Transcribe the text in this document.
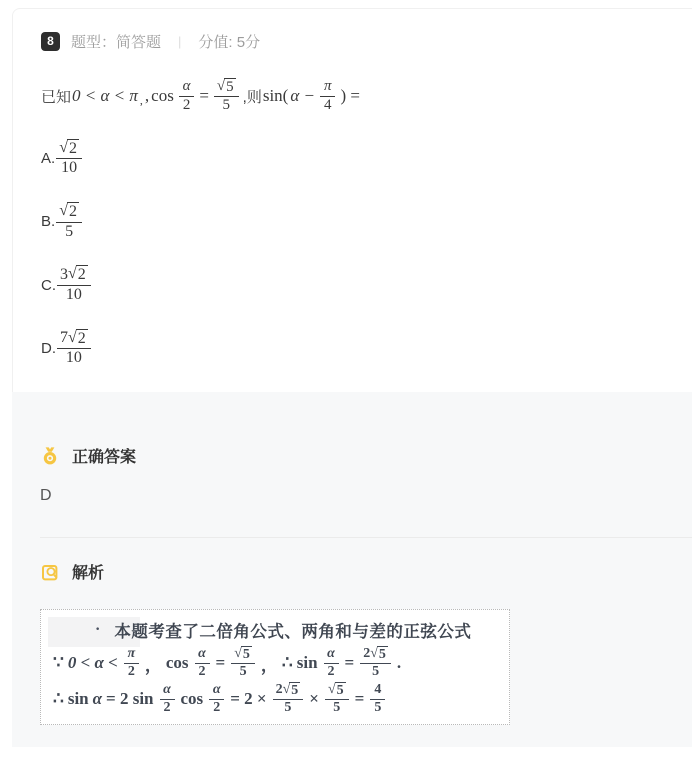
8	题型：简答题 | 分值: 5分
已知 0 < α < π , , $\cos \frac{\alpha}{2} = \frac{√ 5}{5}$ ,则 sin( $\alpha - \frac{\pi}{4}$ ) =
A. $\frac{√ 2}{10}$
B. $\frac{√ 2}{5}$
C. $\frac{3 √ 2}{10}$
D. $\frac{7 √ 2}{10}$
正确答案
D
解析
· 本题考查了二倍角公式、两角和与差的正弦公式
∵ $0 < \alpha < \frac{\pi}{2}$ ， $\cos \frac{\alpha}{2} = \frac{√ 5}{5}$ ， ∴ $\sin \frac{\alpha}{2} = \frac{2 √ 5}{5}$ .
∴ sin α = 2 $\sin \frac{\alpha}{2}$ $\cos \frac{\alpha}{2} = 2 \times \frac{2 √ 5}{5} \times \frac{√ 5}{5} = \frac{4}{5}$
